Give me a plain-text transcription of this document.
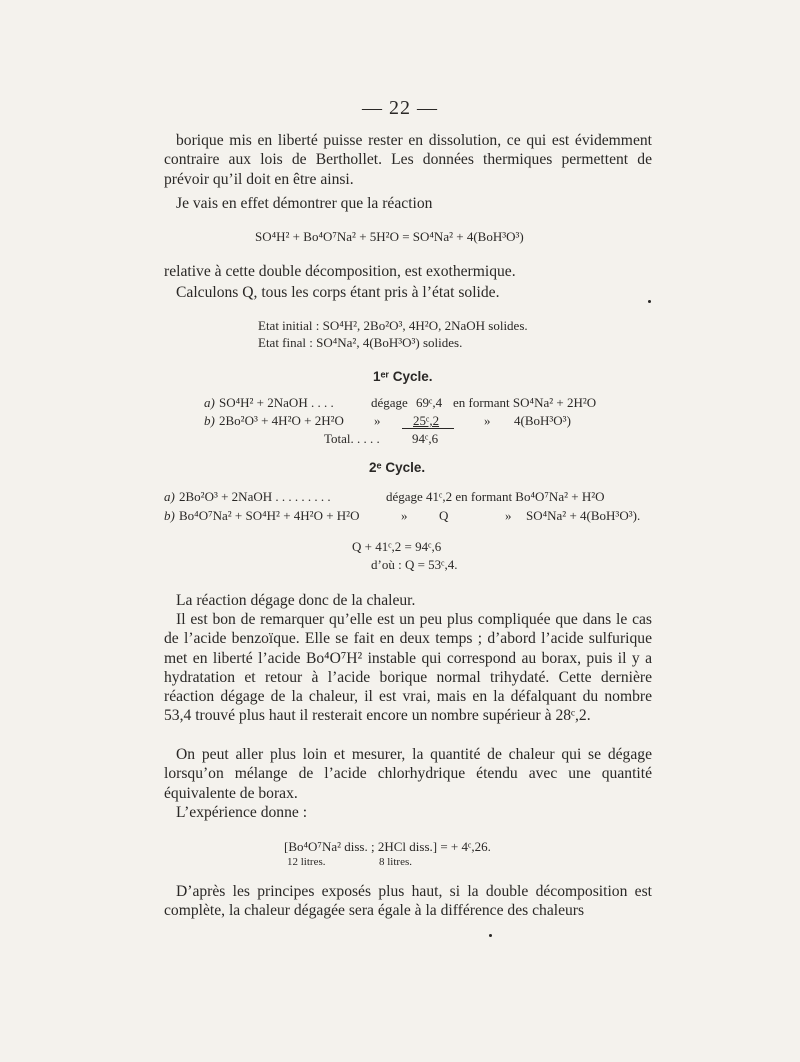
— 22 —
borique mis en liberté puisse rester en dissolution, ce qui est évidemment contraire aux lois de Berthollet. Les données thermiques permettent de prévoir qu’il doit en être ainsi.
Je vais en effet démontrer que la réaction
SO⁴H² + Bo⁴O⁷Na² + 5H²O = SO⁴Na² + 4(BoH³O³)
relative à cette double décomposition, est exothermique.
Calculons Q, tous les corps étant pris à l’état solide.
Etat initial : SO⁴H², 2Bo²O³, 4H²O, 2NaOH solides.
Etat final : SO⁴Na², 4(BoH³O³) solides.
1ᵉʳ Cycle.
a) SO⁴H² + 2NaOH . . . .	dégage 69ᶜ,4 en formant SO⁴Na² + 2H²O
b) 2Bo²O³ + 4H²O + 2H²O »	25ᶜ,2	» 4(BoH³O³)
Total. . . . . 94ᶜ,6
2ᵉ Cycle.
a) 2Bo²O³ + 2NaOH . . . . . . . . .	dégage 41ᶜ,2 en formant Bo⁴O⁷Na² + H²O
b) Bo⁴O⁷Na² + SO⁴H² + 4H²O + H²O	» Q	» SO⁴Na² + 4(BoH³O³).
Q + 41ᶜ,2 = 94ᶜ,6
d’où : Q = 53ᶜ,4.
La réaction dégage donc de la chaleur.
Il est bon de remarquer qu’elle est un peu plus compliquée que dans le cas de l’acide benzoïque. Elle se fait en deux temps ; d’abord l’acide sulfurique met en liberté l’acide Bo⁴O⁷H² instable qui correspond au borax, puis il y a hydratation et retour à l’acide borique normal trihydaté. Cette dernière réaction dégage de la chaleur, il est vrai, mais en la défalquant du nombre 53,4 trouvé plus haut il resterait encore un nombre supérieur à 28ᶜ,2.
On peut aller plus loin et mesurer, la quantité de chaleur qui se dégage lorsqu’on mélange de l’acide chlorhydrique étendu avec une quantité équivalente de borax.
L’expérience donne :
[Bo⁴O⁷Na² diss. ; 2HCl diss.] = + 4ᶜ,26.
12 litres.	8 litres.
D’après les principes exposés plus haut, si la double décomposition est complète, la chaleur dégagée sera égale à la différence des chaleurs
